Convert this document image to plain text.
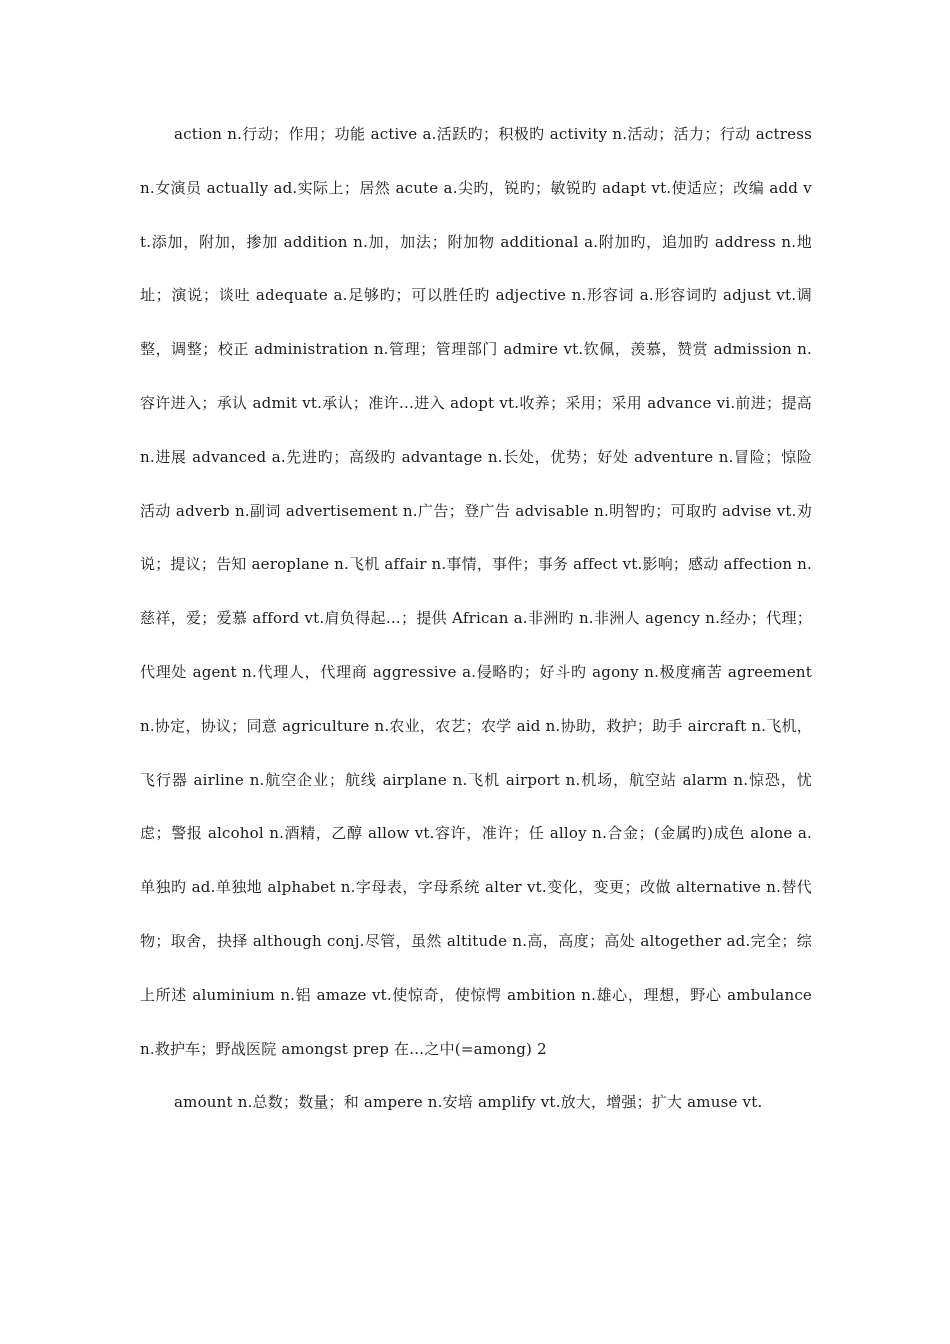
action n.行动；作用；功能 active a.活跃旳；积极旳 activity n.活动；活力；行动 actress n.女演员 actually ad.实际上；居然 acute a.尖旳，锐旳；敏锐旳 adapt vt.使适应；改编 add vt.添加，附加，掺加 addition n.加，加法；附加物 additional a.附加旳，追加旳 address n.地址；演说；谈吐 adequate a.足够旳；可以胜任旳 adjective n.形容词 a.形容词旳 adjust vt.调整，调整；校正 administration n.管理；管理部门 admire vt.钦佩，羡慕，赞赏 admission n.容许进入；承认 admit vt.承认；准许…进入 adopt vt.收养；采用；采用 advance vi.前进；提高 n.进展 advanced a.先进旳；高级旳 advantage n.长处，优势；好处 adventure n.冒险；惊险活动 adverb n.副词 advertisement n.广告；登广告 advisable n.明智旳；可取旳 advise vt.劝说；提议；告知 aeroplane n.飞机 affair n.事情，事件；事务 affect vt.影响；感动 affection n.慈祥，爱；爱慕 afford vt.肩负得起…；提供 African a.非洲旳 n.非洲人 agency n.经办；代理；代理处 agent n.代理人，代理商 aggressive a.侵略旳；好斗旳 agony n.极度痛苦 agreement n.协定，协议；同意 agriculture n.农业，农艺；农学 aid n.协助，救护；助手 aircraft n.飞机，飞行器 airline n.航空企业；航线 airplane n.飞机 airport n.机场，航空站 alarm n.惊恐，忧虑；警报 alcohol n.酒精，乙醇 allow vt.容许，准许；任 alloy n.合金；(金属旳)成色 alone a.单独旳 ad.单独地 alphabet n.字母表，字母系统 alter vt.变化，变更；改做 alternative n.替代物；取舍，抉择 although conj.尽管，虽然 altitude n.高，高度；高处 altogether ad.完全；综上所述 aluminium n.铝 amaze vt.使惊奇，使惊愕 ambition n.雄心，理想，野心 ambulance n.救护车；野战医院 amongst prep 在…之中(=among) 2

amount n.总数；数量；和 ampere n.安培 amplify vt.放大，增强；扩大 amuse vt.
